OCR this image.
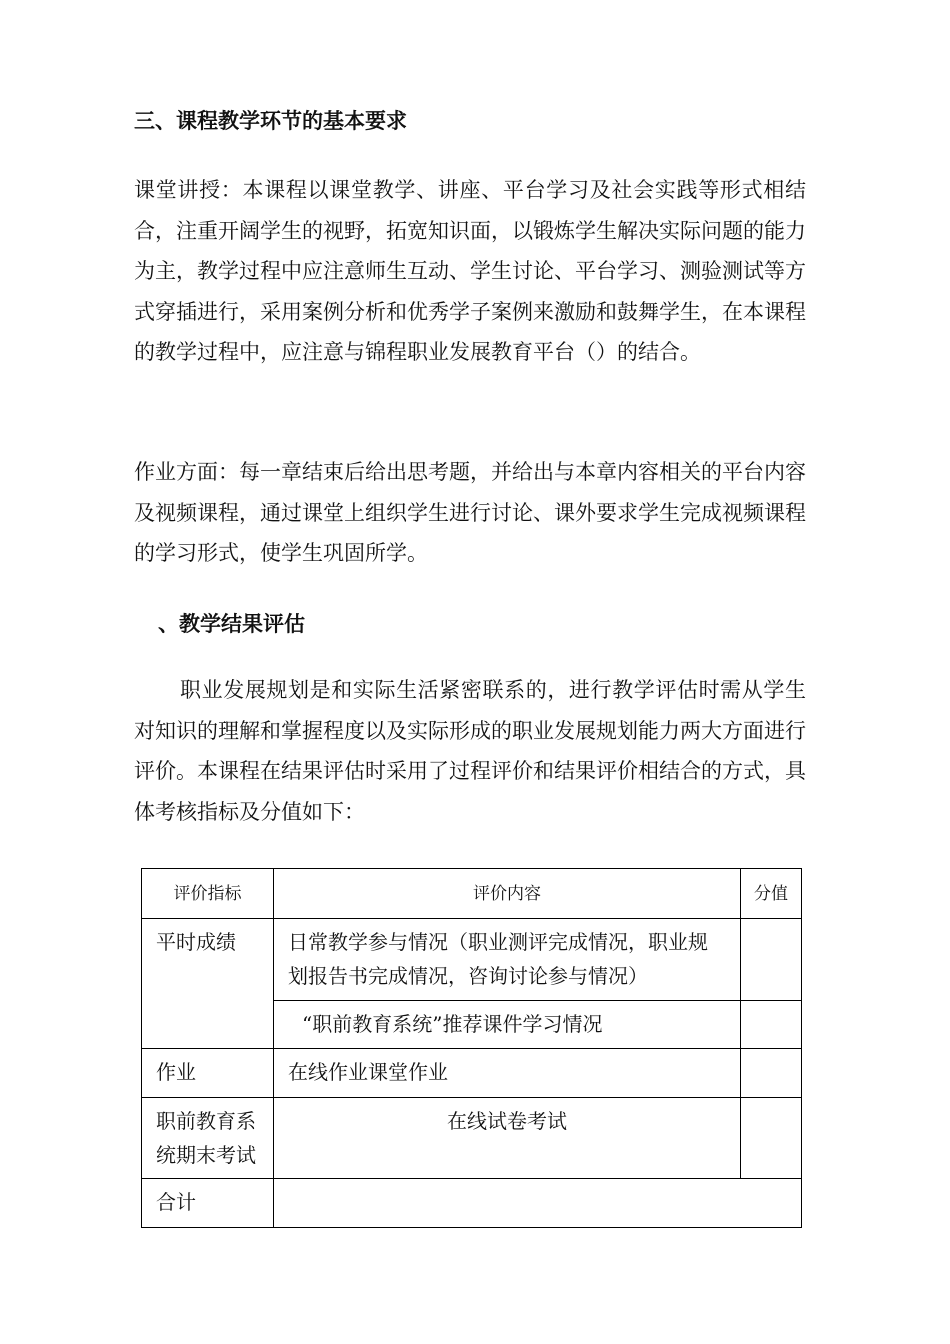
三、课程教学环节的基本要求

课堂讲授：本课程以课堂教学、讲座、平台学习及社会实践等形式相结合，注重开阔学生的视野，拓宽知识面，以锻炼学生解决实际问题的能力为主，教学过程中应注意师生互动、学生讨论、平台学习、测验测试等方式穿插进行，采用案例分析和优秀学子案例来激励和鼓舞学生，在本课程的教学过程中，应注意与锦程职业发展教育平台（）的结合。

作业方面：每一章结束后给出思考题，并给出与本章内容相关的平台内容及视频课程，通过课堂上组织学生进行讨论、课外要求学生完成视频课程的学习形式，使学生巩固所学。

、教学结果评估

职业发展规划是和实际生活紧密联系的，进行教学评估时需从学生对知识的理解和掌握程度以及实际形成的职业发展规划能力两大方面进行评价。本课程在结果评估时采用了过程评价和结果评价相结合的方式，具体考核指标及分值如下：

评价指标	评价内容	分值
平时成绩	日常教学参与情况（职业测评完成情况，职业规划报告书完成情况，咨询讨论参与情况）	
	“职前教育系统”推荐课件学习情况	
作业	在线作业课堂作业	
职前教育系统期末考试	在线试卷考试	
合计		
